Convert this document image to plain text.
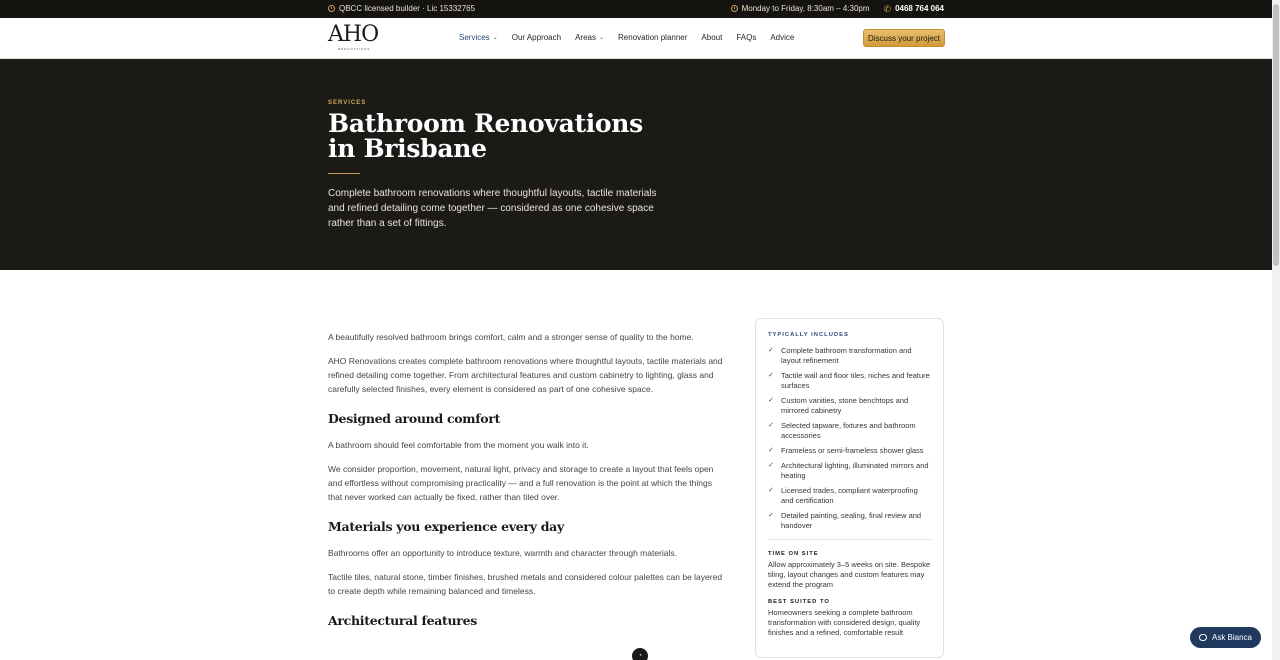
QBCC licensed builder · Lic 15332765	Monday to Friday, 8:30am – 4:30pm ✆ 0468 764 064
AHO
RENOVATIONS
Services ⌄ Our Approach Areas ⌄ Renovation planner About FAQs Advice	Discuss your project
SERVICES
Bathroom Renovations
in Brisbane

Complete bathroom renovations where thoughtful layouts, tactile materials and refined detailing come together — considered as one cohesive space rather than a set of fittings.

A beautifully resolved bathroom brings comfort, calm and a stronger sense of quality to the home.

AHO Renovations creates complete bathroom renovations where thoughtful layouts, tactile materials and refined detailing come together. From architectural features and custom cabinetry to lighting, glass and carefully selected finishes, every element is considered as part of one cohesive space.

Designed around comfort

A bathroom should feel comfortable from the moment you walk into it.

We consider proportion, movement, natural light, privacy and storage to create a layout that feels open and effortless without compromising practicality — and a full renovation is the point at which the things that never worked can actually be fixed, rather than tiled over.

Materials you experience every day

Bathrooms offer an opportunity to introduce texture, warmth and character through materials.

Tactile tiles, natural stone, timber finishes, brushed metals and considered colour palettes can be layered to create depth while remaining balanced and timeless.

Architectural features
TYPICALLY INCLUDES
✓ Complete bathroom transformation and layout refinement
✓ Tactile wall and floor tiles, niches and feature surfaces
✓ Custom vanities, stone benchtops and mirrored cabinetry
✓ Selected tapware, fixtures and bathroom accessories
✓ Frameless or semi-frameless shower glass
✓ Architectural lighting, illuminated mirrors and heating
✓ Licensed trades, compliant waterproofing and certification
✓ Detailed painting, sealing, final review and handover
TIME ON SITE
Allow approximately 3–5 weeks on site. Bespoke tiling, layout changes and custom features may extend the program
BEST SUITED TO
Homeowners seeking a complete bathroom transformation with considered design, quality finishes and a refined, comfortable result
◔
Ask Bianca
